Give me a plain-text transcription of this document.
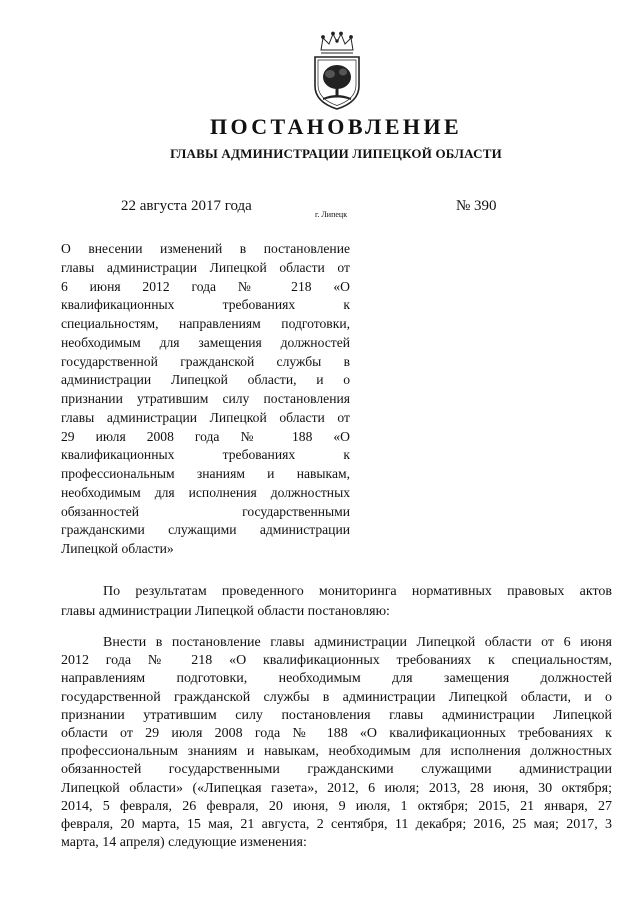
ПОСТАНОВЛЕНИЕ
ГЛАВЫ АДМИНИСТРАЦИИ ЛИПЕЦКОЙ ОБЛАСТИ
22 августа 2017 года
г. Липецк
№ 390
О внесении изменений в постановление
главы администрации Липецкой области от
6 июня 2012 года № 218 «О
квалификационных требованиях к
специальностям, направлениям подготовки,
необходимым для замещения должностей
государственной гражданской службы в
администрации Липецкой области, и о
признании утратившим силу постановления
главы администрации Липецкой области от
29 июля 2008 года № 188 «О
квалификационных требованиях к
профессиональным знаниям и навыкам,
необходимым для исполнения должностных
обязанностей государственными
гражданскими служащими администрации
Липецкой области»
По результатам проведенного мониторинга нормативных правовых актов
главы администрации Липецкой области постановляю:
Внести в постановление главы администрации Липецкой области от 6 июня
2012 года № 218 «О квалификационных требованиях к специальностям,
направлениям подготовки, необходимым для замещения должностей
государственной гражданской службы в администрации Липецкой области, и о
признании утратившим силу постановления главы администрации Липецкой
области от 29 июля 2008 года № 188 «О квалификационных требованиях к
профессиональным знаниям и навыкам, необходимым для исполнения должностных
обязанностей государственными гражданскими служащими администрации
Липецкой области» («Липецкая газета», 2012, 6 июля; 2013, 28 июня, 30 октября;
2014, 5 февраля, 26 февраля, 20 июня, 9 июля, 1 октября; 2015, 21 января, 27
февраля, 20 марта, 15 мая, 21 августа, 2 сентября, 11 декабря; 2016, 25 мая; 2017, 3
марта, 14 апреля) следующие изменения:
